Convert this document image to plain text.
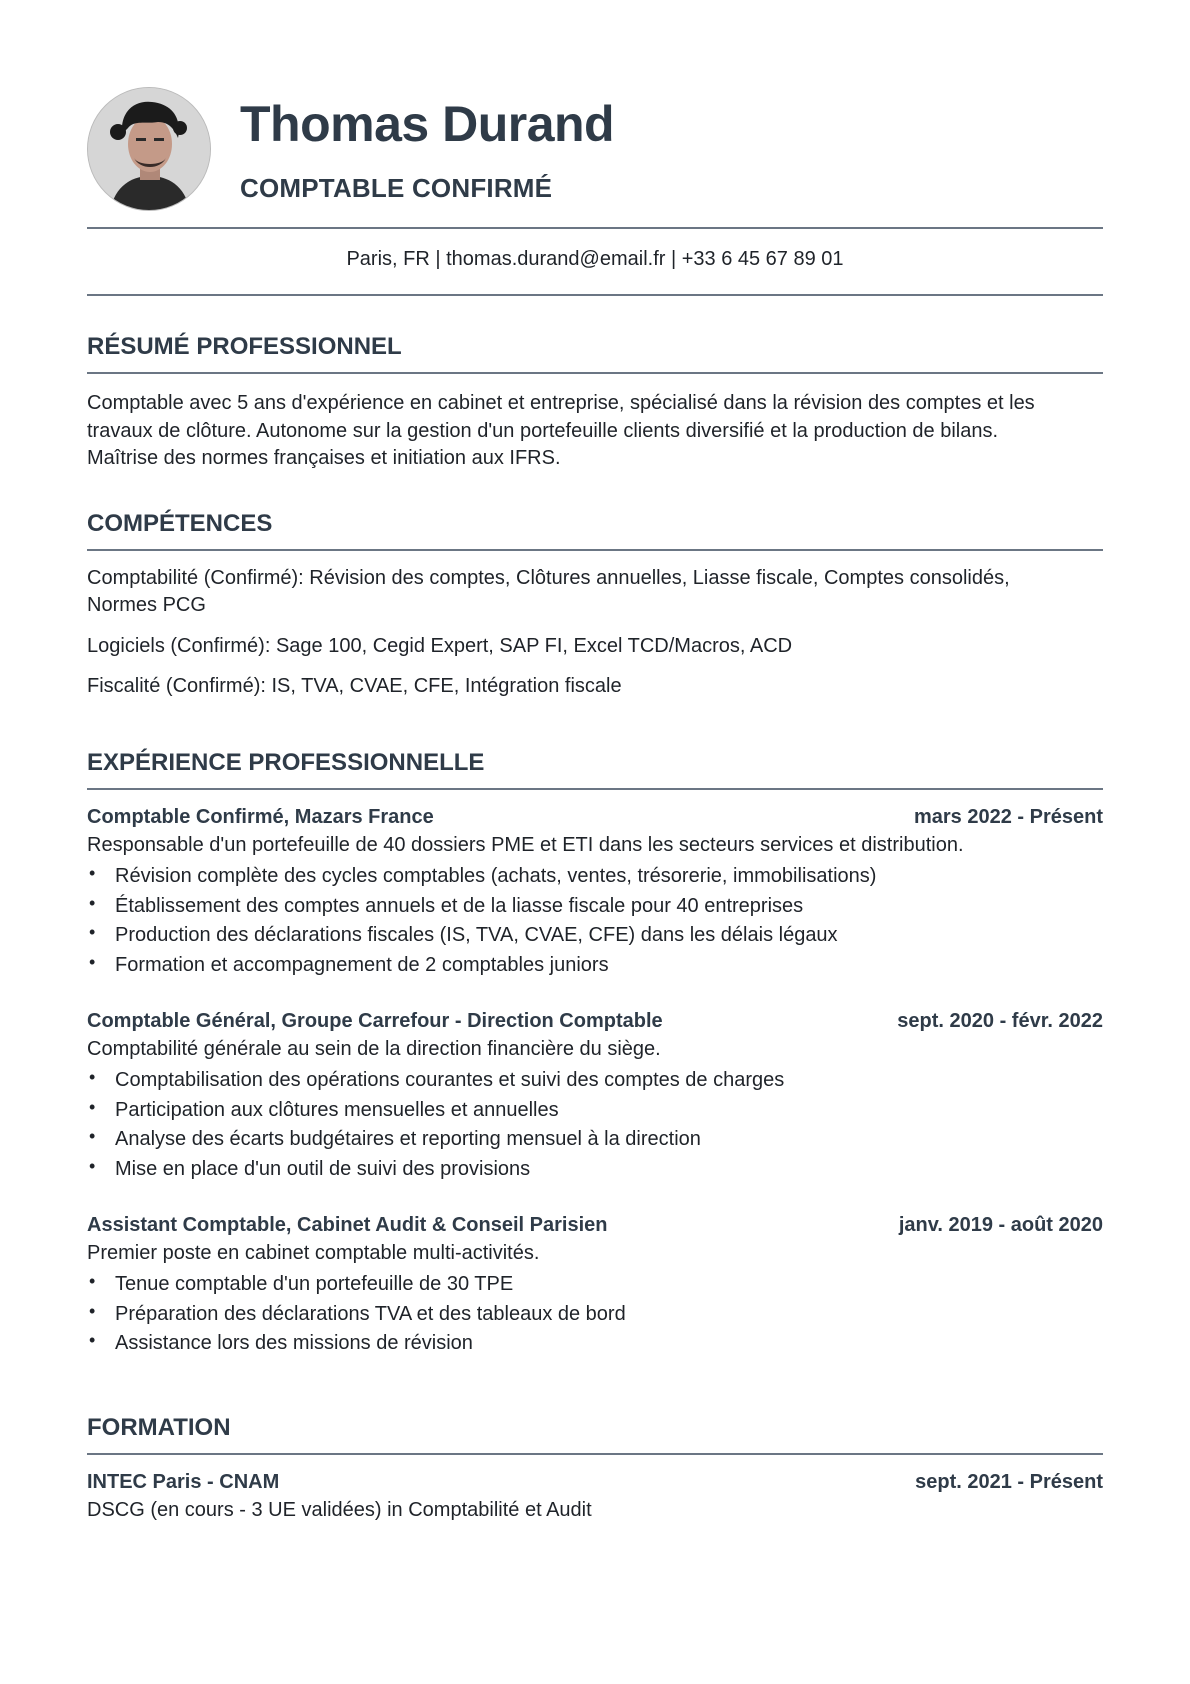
Thomas Durand
COMPTABLE CONFIRMÉ
Paris, FR | thomas.durand@email.fr | +33 6 45 67 89 01
RÉSUMÉ PROFESSIONNEL
Comptable avec 5 ans d'expérience en cabinet et entreprise, spécialisé dans la révision des comptes et les
travaux de clôture. Autonome sur la gestion d'un portefeuille clients diversifié et la production de bilans.
Maîtrise des normes françaises et initiation aux IFRS.
COMPÉTENCES
Comptabilité (Confirmé): Révision des comptes, Clôtures annuelles, Liasse fiscale, Comptes consolidés,
Normes PCG
Logiciels (Confirmé): Sage 100, Cegid Expert, SAP FI, Excel TCD/Macros, ACD
Fiscalité (Confirmé): IS, TVA, CVAE, CFE, Intégration fiscale
EXPÉRIENCE PROFESSIONNELLE
Comptable Confirmé, Mazars France	mars 2022 - Présent
Responsable d'un portefeuille de 40 dossiers PME et ETI dans les secteurs services et distribution.
• Révision complète des cycles comptables (achats, ventes, trésorerie, immobilisations)
• Établissement des comptes annuels et de la liasse fiscale pour 40 entreprises
• Production des déclarations fiscales (IS, TVA, CVAE, CFE) dans les délais légaux
• Formation et accompagnement de 2 comptables juniors
Comptable Général, Groupe Carrefour - Direction Comptable	sept. 2020 - févr. 2022
Comptabilité générale au sein de la direction financière du siège.
• Comptabilisation des opérations courantes et suivi des comptes de charges
• Participation aux clôtures mensuelles et annuelles
• Analyse des écarts budgétaires et reporting mensuel à la direction
• Mise en place d'un outil de suivi des provisions
Assistant Comptable, Cabinet Audit & Conseil Parisien	janv. 2019 - août 2020
Premier poste en cabinet comptable multi-activités.
• Tenue comptable d'un portefeuille de 30 TPE
• Préparation des déclarations TVA et des tableaux de bord
• Assistance lors des missions de révision
FORMATION
INTEC Paris - CNAM	sept. 2021 - Présent
DSCG (en cours - 3 UE validées) in Comptabilité et Audit
